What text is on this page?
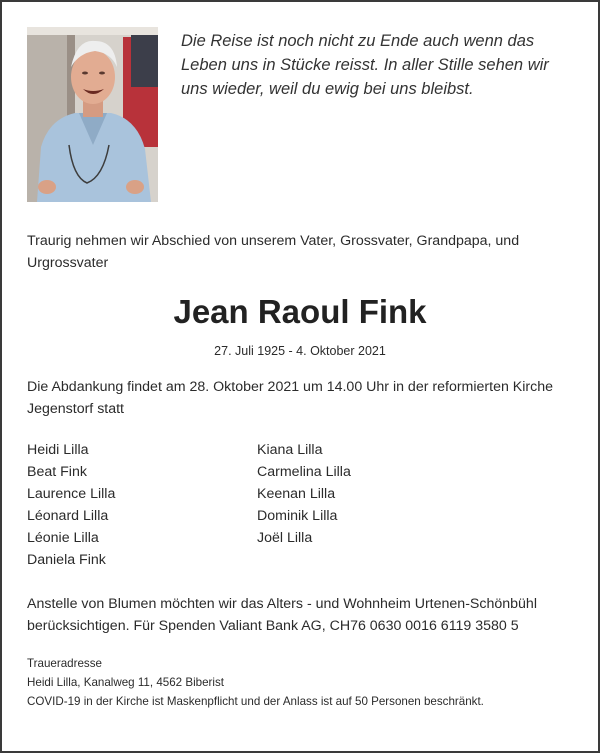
Die Reise ist noch nicht zu Ende auch wenn das
Leben uns in Stücke reisst. In aller Stille sehen wir
uns wieder, weil du ewig bei uns bleibst.

Traurig nehmen wir Abschied von unserem Vater, Grossvater, Grandpapa, und
Urgrossvater

Jean Raoul Fink

27. Juli 1925 - 4. Oktober 2021

Die Abdankung findet am 28. Oktober 2021 um 14.00 Uhr in der reformierten Kirche
Jegenstorf statt

Heidi Lilla
Beat Fink
Laurence Lilla
Léonard Lilla
Léonie Lilla
Daniela Fink
Kiana Lilla
Carmelina Lilla
Keenan Lilla
Dominik Lilla
Joël Lilla

Anstelle von Blumen möchten wir das Alters - und Wohnheim Urtenen-Schönbühl
berücksichtigen. Für Spenden Valiant Bank AG, CH76 0630 0016 6119 3580 5

Traueradresse
Heidi Lilla, Kanalweg 11, 4562 Biberist
COVID-19 in der Kirche ist Maskenpflicht und der Anlass ist auf 50 Personen beschränkt.
